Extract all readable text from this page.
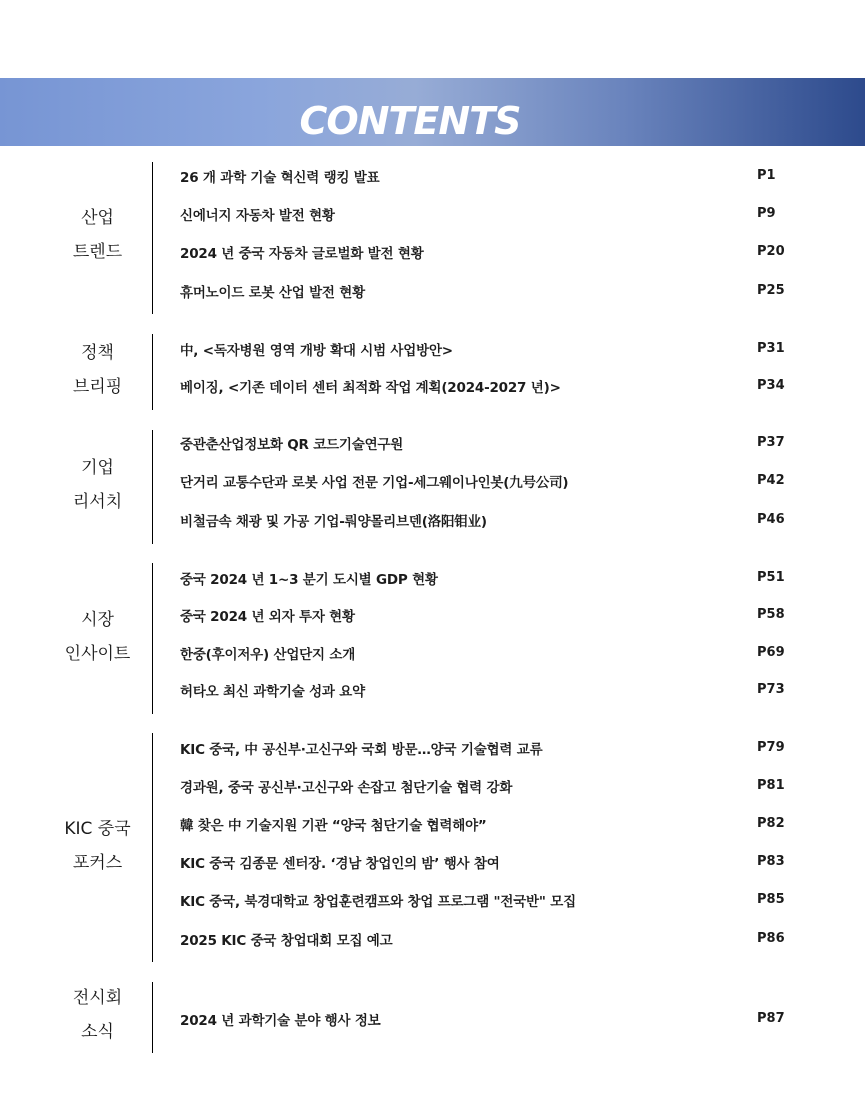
CONTENTS
산업
트렌드
26 개 과학 기술 혁신력 랭킹 발표	P1
신에너지 자동차 발전 현황	P9
2024 년 중국 자동차 글로벌화 발전 현황	P20
휴머노이드 로봇 산업 발전 현황	P25
정책
브리핑
中, <독자병원 영역 개방 확대 시범 사업방안>	P31
베이징, <기존 데이터 센터 최적화 작업 계획(2024-2027 년)>	P34
기업
리서치
중관춘산업정보화 QR 코드기술연구원	P37
단거리 교통수단과 로봇 사업 전문 기업-세그웨이나인봇(九号公司)	P42
비철금속 채광 및 가공 기업-뤄양몰리브덴(洛阳钼业)	P46
시장
인사이트
중국 2024 년 1~3 분기 도시별 GDP 현황	P51
중국 2024 년 외자 투자 현황	P58
한중(후이저우) 산업단지 소개	P69
허타오 최신 과학기술 성과 요약	P73
KIC 중국
포커스
KIC 중국, 中 공신부·고신구와 국회 방문…양국 기술협력 교류	P79
경과원, 중국 공신부·고신구와 손잡고 첨단기술 협력 강화	P81
韓 찾은 中 기술지원 기관 “양국 첨단기술 협력해야”	P82
KIC 중국 김종문 센터장. ‘경남 창업인의 밤’ 행사 참여	P83
KIC 중국, 북경대학교 창업훈련캠프와 창업 프로그램 "전국반" 모집	P85
2025 KIC 중국 창업대회 모집 예고	P86
전시회
소식
2024 년 과학기술 분야 행사 정보	P87
